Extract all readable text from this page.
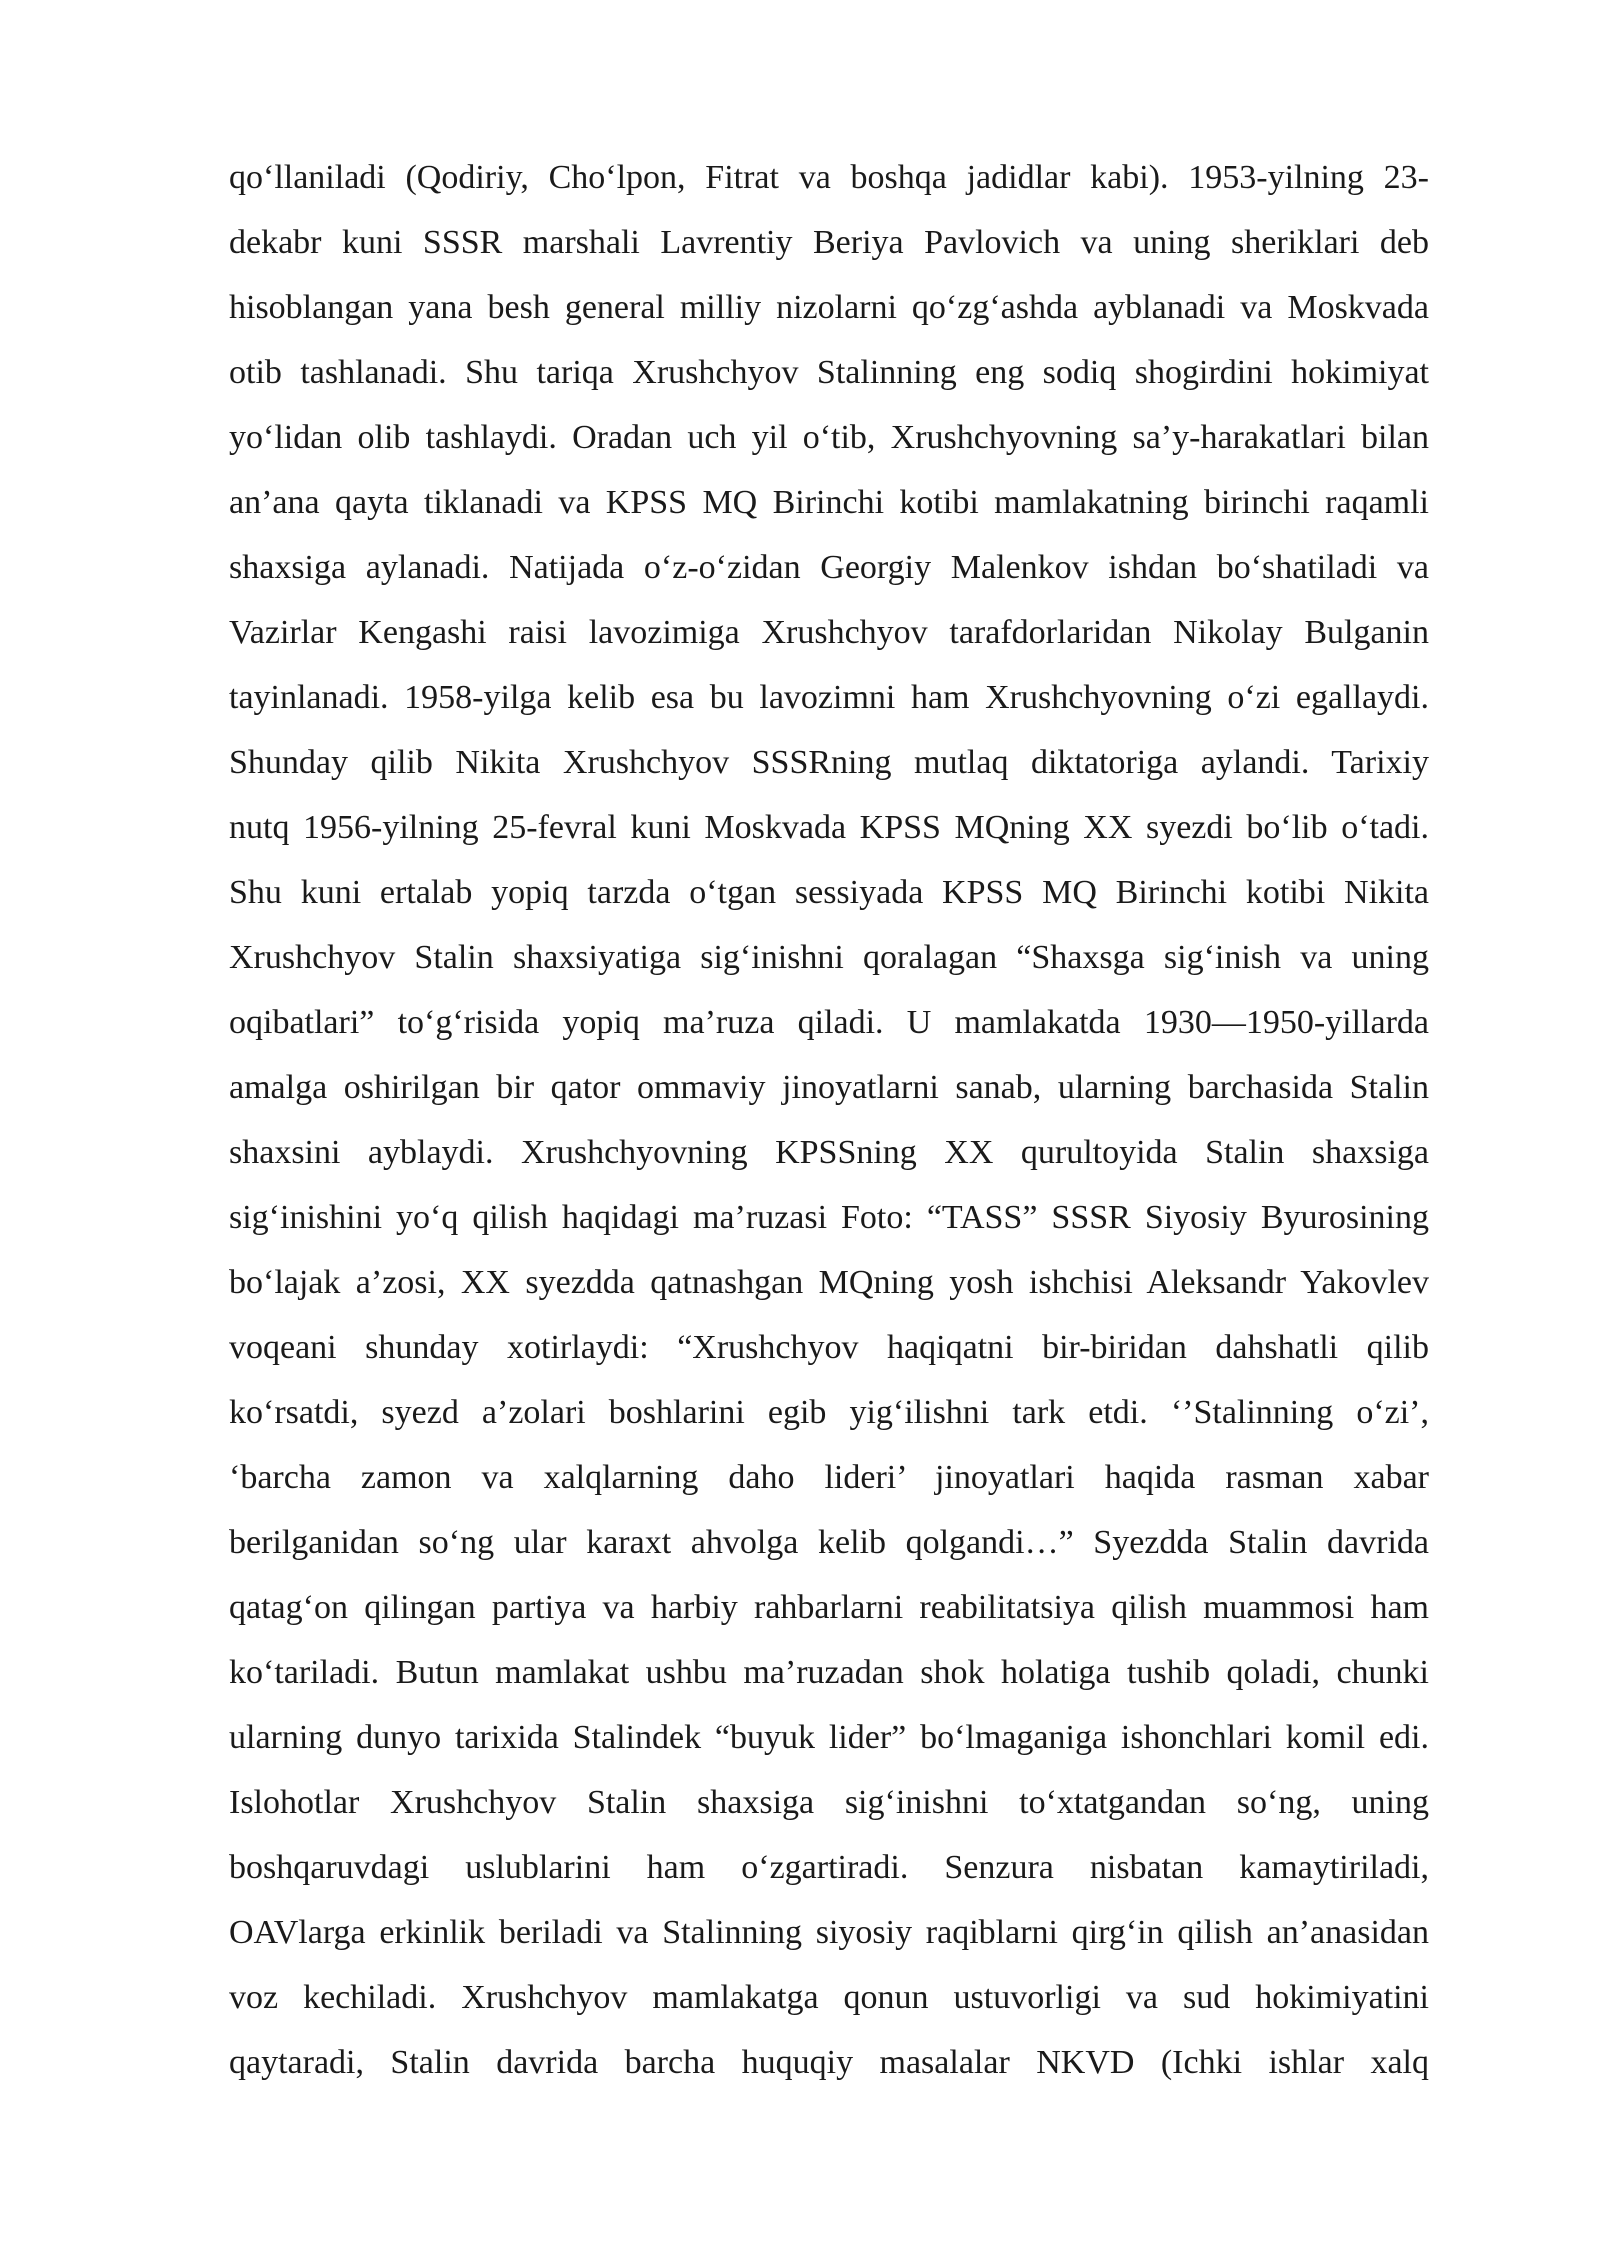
qo‘llaniladi (Qodiriy, Cho‘lpon, Fitrat va boshqa jadidlar kabi). 1953-yilning 23-
dekabr kuni SSSR marshali Lavrentiy Beriya Pavlovich va uning sheriklari deb
hisoblangan yana besh general milliy nizolarni qo‘zg‘ashda ayblanadi va Moskvada
otib tashlanadi. Shu tariqa Xrushchyov Stalinning eng sodiq shogirdini hokimiyat
yo‘lidan olib tashlaydi. Oradan uch yil o‘tib, Xrushchyovning sa’y-harakatlari bilan
an’ana qayta tiklanadi va KPSS MQ Birinchi kotibi mamlakatning birinchi raqamli
shaxsiga aylanadi. Natijada o‘z-o‘zidan Georgiy Malenkov ishdan bo‘shatiladi va
Vazirlar Kengashi raisi lavozimiga Xrushchyov tarafdorlaridan Nikolay Bulganin
tayinlanadi. 1958-yilga kelib esa bu lavozimni ham Xrushchyovning o‘zi egallaydi.
Shunday qilib Nikita Xrushchyov SSSRning mutlaq diktatoriga aylandi. Tarixiy
nutq 1956-yilning 25-fevral kuni Moskvada KPSS MQning XX syezdi bo‘lib o‘tadi.
Shu kuni ertalab yopiq tarzda o‘tgan sessiyada KPSS MQ Birinchi kotibi Nikita
Xrushchyov Stalin shaxsiyatiga sig‘inishni qoralagan “Shaxsga sig‘inish va uning
oqibatlari” to‘g‘risida yopiq ma’ruza qiladi. U mamlakatda 1930—1950-yillarda
amalga oshirilgan bir qator ommaviy jinoyatlarni sanab, ularning barchasida Stalin
shaxsini ayblaydi. Xrushchyovning KPSSning XX qurultoyida Stalin shaxsiga
sig‘inishini yo‘q qilish haqidagi ma’ruzasi Foto: “TASS” SSSR Siyosiy Byurosining
bo‘lajak a’zosi, XX syezdda qatnashgan MQning yosh ishchisi Aleksandr Yakovlev
voqeani shunday xotirlaydi: “Xrushchyov haqiqatni bir-biridan dahshatli qilib
ko‘rsatdi, syezd a’zolari boshlarini egib yig‘ilishni tark etdi. ‘’Stalinning o‘zi’,
‘barcha zamon va xalqlarning daho lideri’ jinoyatlari haqida rasman xabar
berilganidan so‘ng ular karaxt ahvolga kelib qolgandi…” Syezdda Stalin davrida
qatag‘on qilingan partiya va harbiy rahbarlarni reabilitatsiya qilish muammosi ham
ko‘tariladi. Butun mamlakat ushbu ma’ruzadan shok holatiga tushib qoladi, chunki
ularning dunyo tarixida Stalindek “buyuk lider” bo‘lmaganiga ishonchlari komil edi.
Islohotlar Xrushchyov Stalin shaxsiga sig‘inishni to‘xtatgandan so‘ng, uning
boshqaruvdagi uslublarini ham o‘zgartiradi. Senzura nisbatan kamaytiriladi,
OAVlarga erkinlik beriladi va Stalinning siyosiy raqiblarni qirg‘in qilish an’anasidan
voz kechiladi. Xrushchyov mamlakatga qonun ustuvorligi va sud hokimiyatini
qaytaradi, Stalin davrida barcha huquqiy masalalar NKVD (Ichki ishlar xalq
